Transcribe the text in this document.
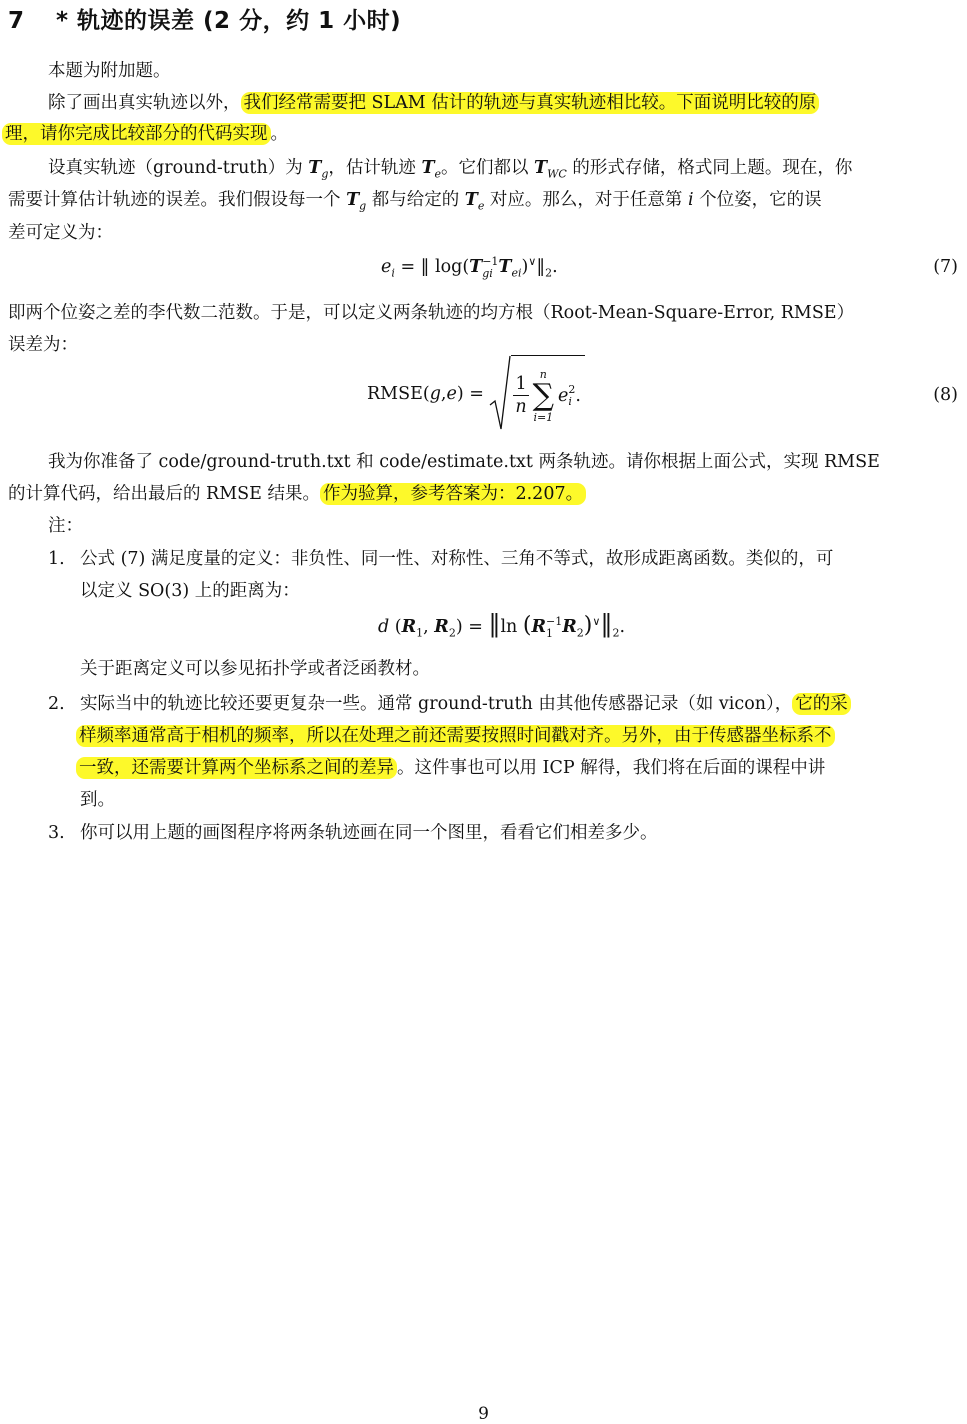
7 * 轨迹的误差 (2 分，约 1 小时)
本题为附加题。
除了画出真实轨迹以外， 我们经常需要把 SLAM 估计的轨迹与真实轨迹相比较。下面说明比较的原
理，请你完成比较部分的代码实现 。
设真实轨迹（ground-truth）为 $T_g$，估计轨迹 $T_e$。它们都以 $T_{WC}$ 的形式存储，格式同上题。现在，你
需要计算估计轨迹的误差。我们假设每一个 $T_g$ 都与给定的 $T_e$ 对应。那么，对于任意第 i 个位姿，它的误
差可定义为：
$e_i$ = ‖ log(T −1
gi $T_{ei})^\vee‖_2$.	(7)
即两个位姿之差的李代数二范数。于是，可以定义两条轨迹的均方根（Root-Mean-Square-Error, RMSE）
误差为：
RMSE( g , e ) = $\frac{1}{n}$	n
∑
i=1
e 2
i .	(8)
我为你准备了 code/ground-truth.txt 和 code/estimate.txt 两条轨迹。请你根据上面公式，实现 RMSE
的计算代码，给出最后的 RMSE 结果。 作为验算，参考答案为：2.207。
注：
1. 公式 (7) 满足度量的定义：非负性、同一性、对称性、三角不等式，故形成距离函数。类似的，可
以定义 SO(3) 上的距离为：
d ($R_1$, $R_2$) = ‖ln (R −1
1 $R_2)^\vee‖_2$.
关于距离定义可以参见拓扑学或者泛函教材。
2. 实际当中的轨迹比较还要更复杂一些。通常 ground-truth 由其他传感器记录（如 vicon）， 它的采
样频率通常高于相机的频率，所以在处理之前还需要按照时间戳对齐。另外，由于传感器坐标系不
一致，还需要计算两个坐标系之间的差异 。这件事也可以用 ICP 解得，我们将在后面的课程中讲
到。
3. 你可以用上题的画图程序将两条轨迹画在同一个图里，看看它们相差多少。
9
